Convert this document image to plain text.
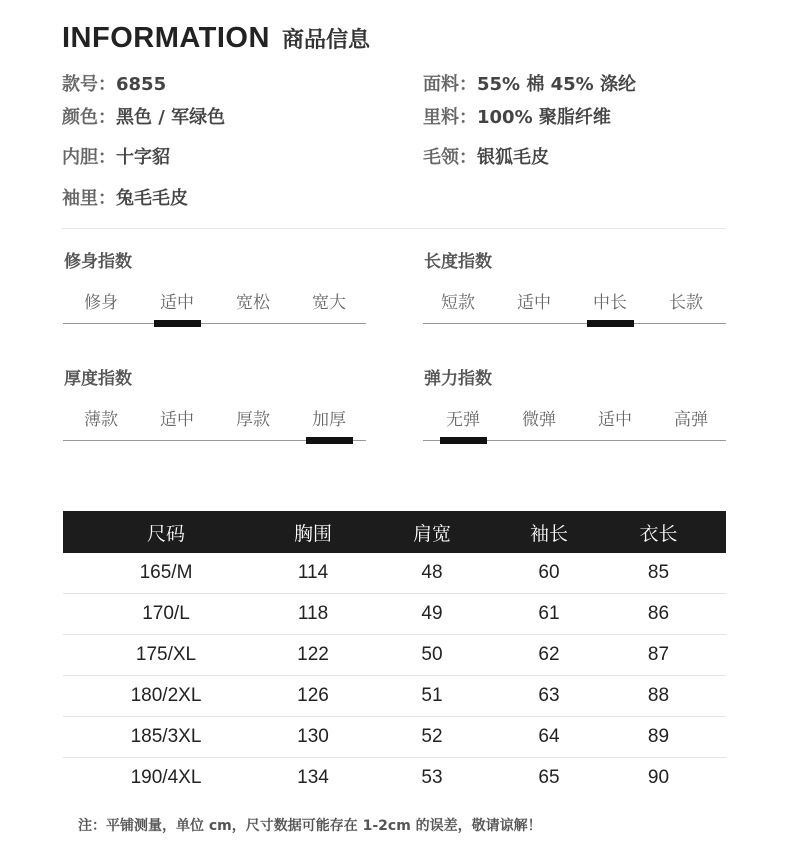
INFORMATION 商品信息
款号：6855
颜色：黑色 / 军绿色
内胆：十字貂
袖里：兔毛毛皮
面料：55% 棉 45% 涤纶
里料：100% 聚脂纤维
毛领：银狐毛皮
修身指数
修身	适中	宽松	宽大
长度指数
短款	适中	中长	长款
厚度指数
薄款	适中	厚款	加厚
弹力指数
无弹	微弹	适中	高弹
尺码	胸围	肩宽	袖长	衣长
165/M	114	48	60	85
170/L	118	49	61	86
175/XL	122	50	62	87
180/2XL	126	51	63	88
185/3XL	130	52	64	89
190/4XL	134	53	65	90
注：平铺测量，单位 cm，尺寸数据可能存在 1-2cm 的误差，敬请谅解！
